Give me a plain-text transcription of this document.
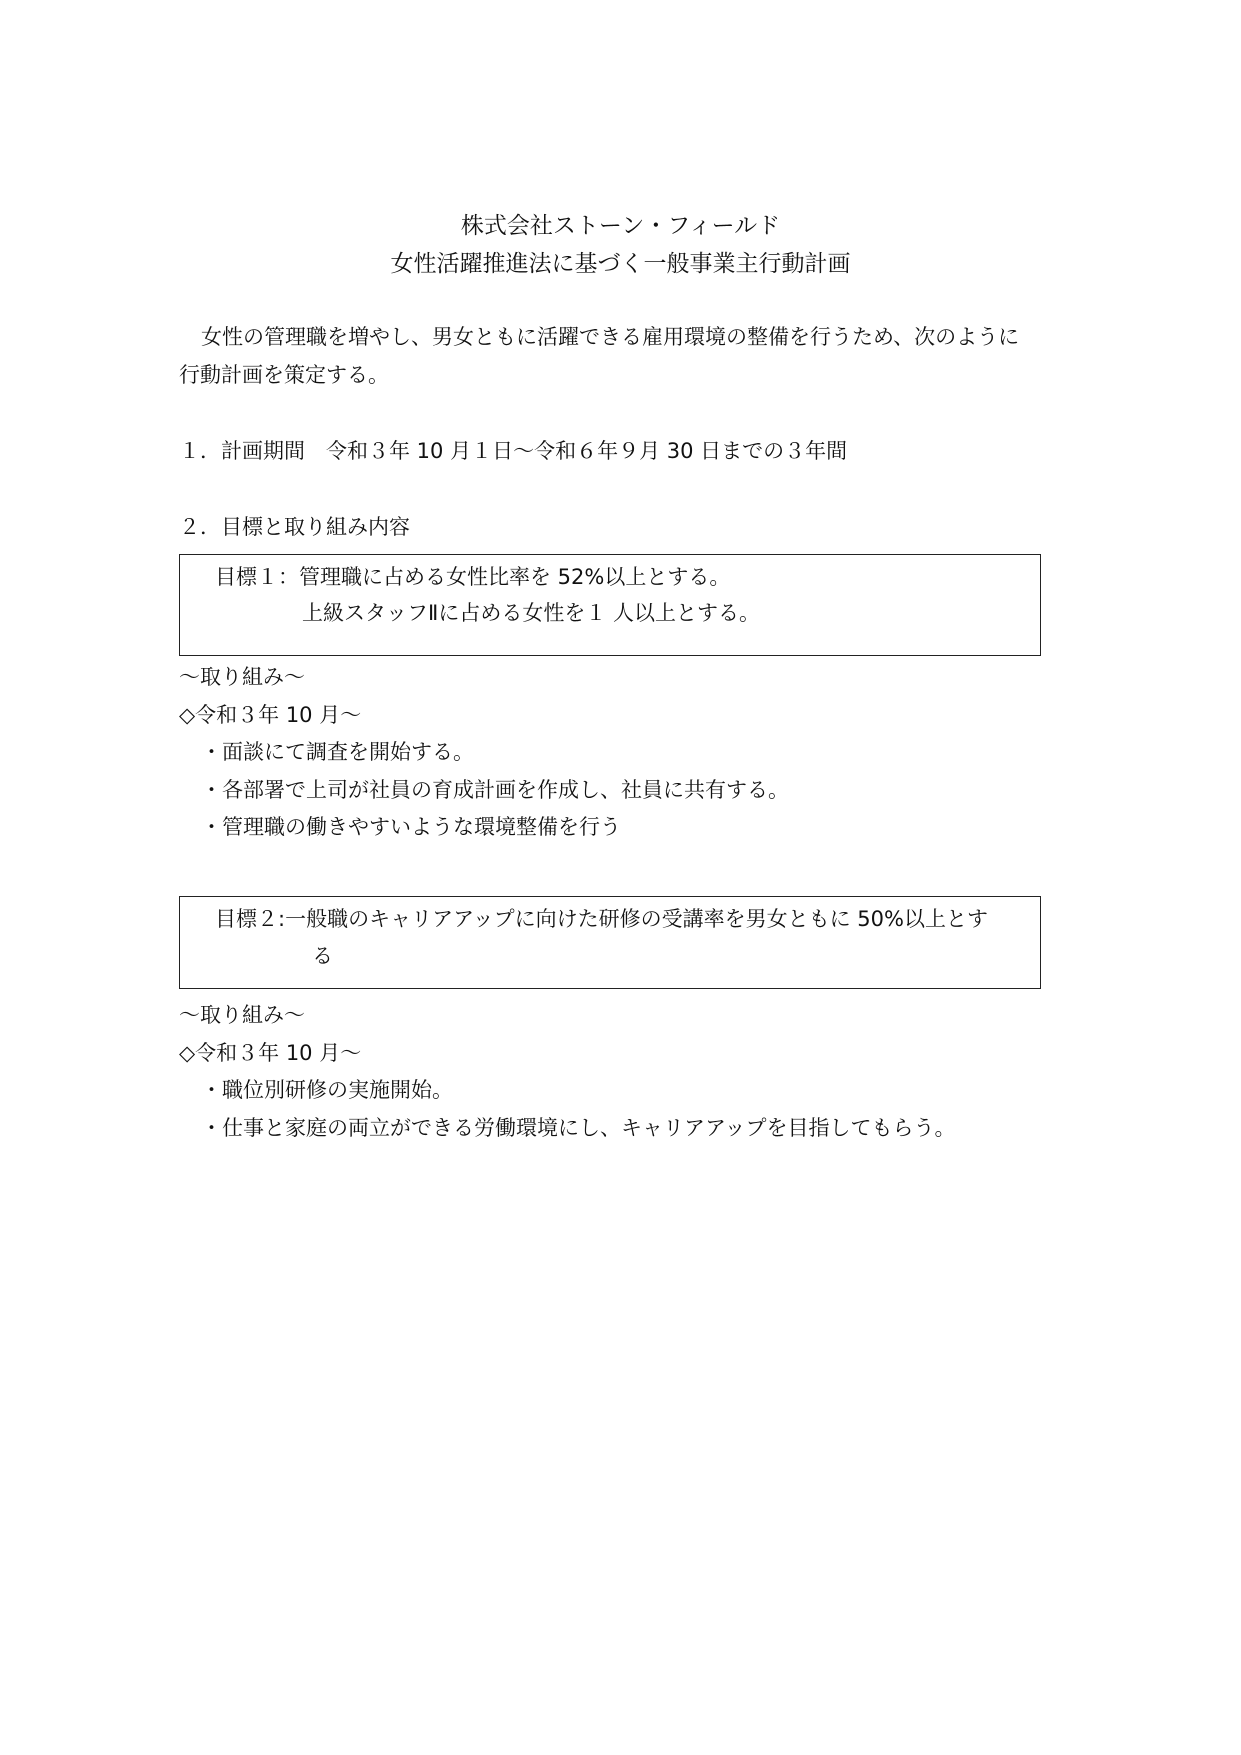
株式会社ストーン・フィールド
女性活躍推進法に基づく一般事業主行動計画
女性の管理職を増やし、男女ともに活躍できる雇用環境の整備を行うため、次のように
行動計画を策定する。
１．計画期間　令和３年 10 月１日～令和６年９月 30 日までの３年間
２．目標と取り組み内容
目標１：管理職に占める女性比率を 52%以上とする。
上級スタッフⅡに占める女性を１ 人以上とする。
～取り組み～
◇令和３年 10 月～
・面談にて調査を開始する。
・各部署で上司が社員の育成計画を作成し、社員に共有する。
・管理職の働きやすいような環境整備を行う
目標２:一般職のキャリアアップに向けた研修の受講率を男女ともに 50%以上とす
る
～取り組み～
◇令和３年 10 月～
・職位別研修の実施開始。
・仕事と家庭の両立ができる労働環境にし、キャリアアップを目指してもらう。
